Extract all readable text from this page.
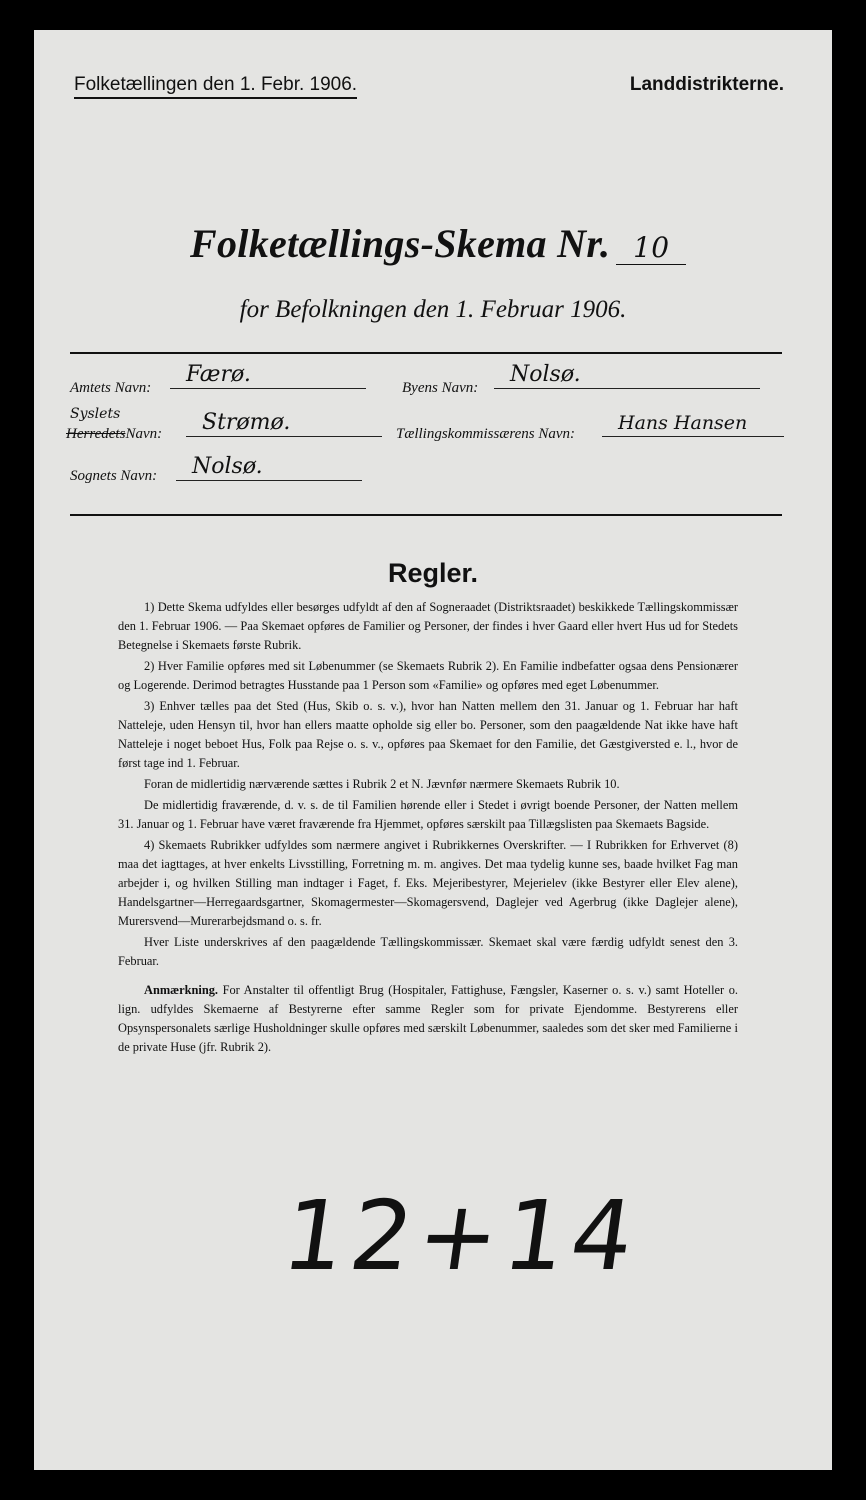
Folketællingen den 1. Febr. 1906.	Landdistrikterne.
Folketællings-Skema Nr. 10
for Befolkningen den 1. Februar 1906.
Amtets Navn:
Færø.
Byens Navn:
Nolsø.
Syslets
HerredetsNavn:	Strømø.	Tællingskommissærens Navn:	Hans Hansen
Sognets Navn:	Nolsø.
Regler.

1) Dette Skema udfyldes eller besørges udfyldt af den af Sogneraadet (Distriktsraadet) beskikkede Tællingskommissær den 1. Februar 1906. — Paa Skemaet opføres de Familier og Personer, der findes i hver Gaard eller hvert Hus ud for Stedets Betegnelse i Skemaets første Rubrik.

2) Hver Familie opføres med sit Løbenummer (se Skemaets Rubrik 2). En Familie indbefatter ogsaa dens Pensionærer og Logerende. Derimod betragtes Husstande paa 1 Person som «Familie» og opføres med eget Løbenummer.

3) Enhver tælles paa det Sted (Hus, Skib o. s. v.), hvor han Natten mellem den 31. Januar og 1. Februar har haft Natteleje, uden Hensyn til, hvor han ellers maatte opholde sig eller bo. Personer, som den paagældende Nat ikke have haft Natteleje i noget beboet Hus, Folk paa Rejse o. s. v., opføres paa Skemaet for den Familie, det Gæstgiversted e. l., hvor de først tage ind 1. Februar.

Foran de midlertidig nærværende sættes i Rubrik 2 et N. Jævnfør nærmere Skemaets Rubrik 10.

De midlertidig fraværende, d. v. s. de til Familien hørende eller i Stedet i øvrigt boende Personer, der Natten mellem 31. Januar og 1. Februar have været fraværende fra Hjemmet, opføres særskilt paa Tillægslisten paa Skemaets Bagside.

4) Skemaets Rubrikker udfyldes som nærmere angivet i Rubrikkernes Overskrifter. — I Rubrikken for Erhvervet (8) maa det iagttages, at hver enkelts Livsstilling, Forretning m. m. angives. Det maa tydelig kunne ses, baade hvilket Fag man arbejder i, og hvilken Stilling man indtager i Faget, f. Eks. Mejeribestyrer, Mejerielev (ikke Bestyrer eller Elev alene), Handelsgartner—Herregaardsgartner, Skomagermester—Skomagersvend, Daglejer ved Agerbrug (ikke Daglejer alene), Murersvend—Murerarbejdsmand o. s. fr.

Hver Liste underskrives af den paagældende Tællingskommissær. Skemaet skal være færdig udfyldt senest den 3. Februar.

Anmærkning. For Anstalter til offentligt Brug (Hospitaler, Fattighuse, Fængsler, Kaserner o. s. v.) samt Hoteller o. lign. udfyldes Skemaerne af Bestyrerne efter samme Regler som for private Ejendomme. Bestyrerens eller Opsynspersonalets særlige Husholdninger skulle opføres med særskilt Løbenummer, saaledes som det sker med Familierne i de private Huse (jfr. Rubrik 2).

12+14
